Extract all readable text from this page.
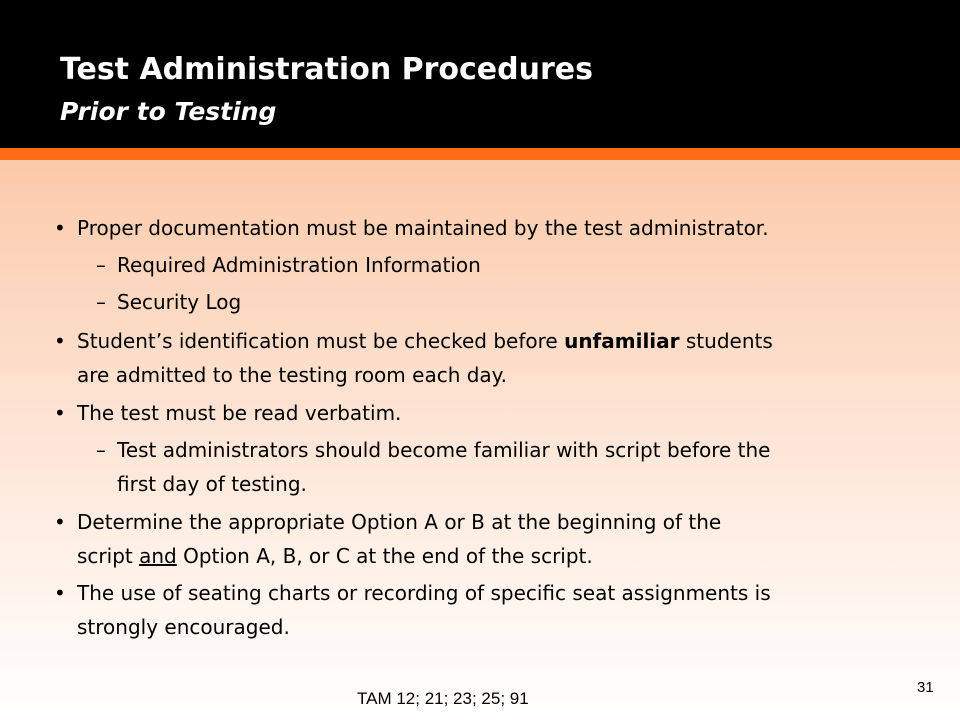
Test Administration Procedures
Prior to Testing
• Proper documentation must be maintained by the test administrator.
– Required Administration Information
– Security Log
• Student’s identification must be checked before unfamiliar students
are admitted to the testing room each day.
• The test must be read verbatim.
– Test administrators should become familiar with script before the
first day of testing.
• Determine the appropriate Option A or B at the beginning of the
script and Option A, B, or C at the end of the script.
• The use of seating charts or recording of specific seat assignments is
strongly encouraged.
TAM 12; 21; 23; 25; 91
31
